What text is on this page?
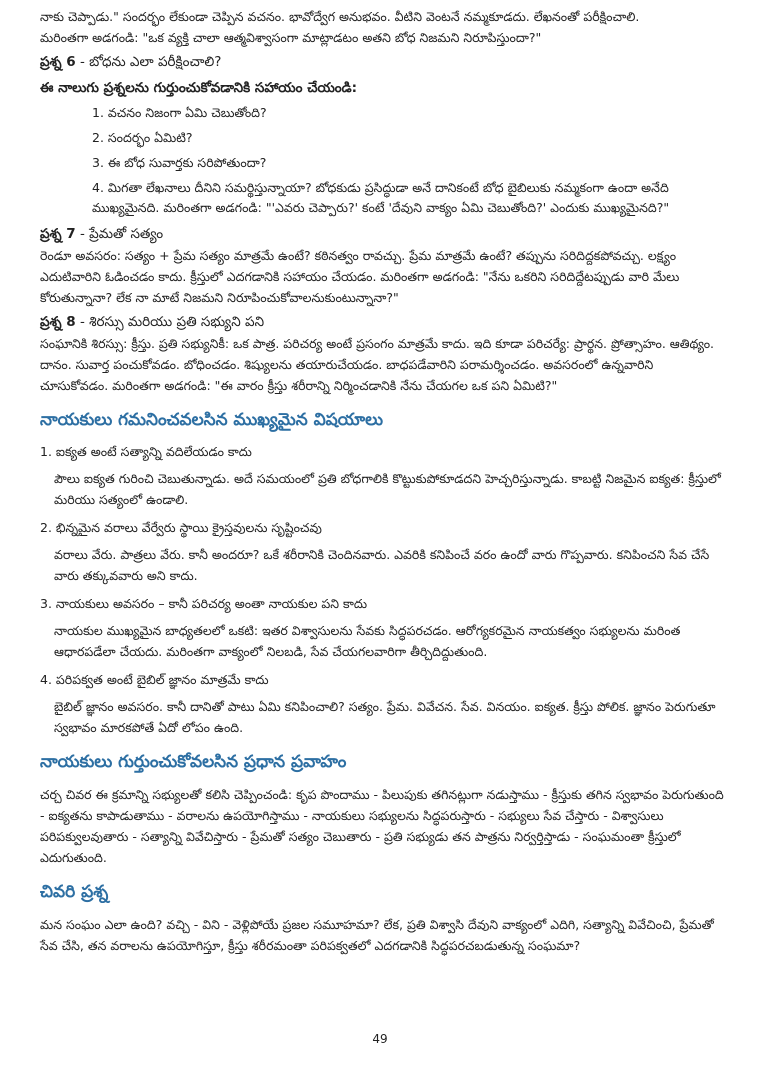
నాకు చెప్పాడు." సందర్భం లేకుండా చెప్పిన వచనం. భావోద్వేగ అనుభవం. వీటిని వెంటనే నమ్మకూడదు. లేఖనంతో పరీక్షించాలి.

మరింతగా అడగండి: "ఒక వ్యక్తి చాలా ఆత్మవిశ్వాసంగా మాట్లాడటం అతని బోధ నిజమని నిరూపిస్తుందా?"

ప్రశ్న 6 - బోధను ఎలా పరీక్షించాలి?

ఈ నాలుగు ప్రశ్నలను గుర్తుంచుకోవడానికి సహాయం చేయండి:

1. వచనం నిజంగా ఏమి చెబుతోంది?
2. సందర్భం ఏమిటి?
3. ఈ బోధ సువార్తకు సరిపోతుందా?
4. మిగతా లేఖనాలు దీనిని సమర్థిస్తున్నాయా? బోధకుడు ప్రసిద్ధుడా అనే దానికంటే బోధ బైబిలుకు నమ్మకంగా ఉందా అనేది ముఖ్యమైనది. మరింతగా అడగండి: "'ఎవరు చెప్పారు?' కంటే 'దేవుని వాక్యం ఏమి చెబుతోంది?' ఎందుకు ముఖ్యమైనది?"

ప్రశ్న 7 - ప్రేమతో సత్యం

రెండూ అవసరం: సత్యం + ప్రేమ సత్యం మాత్రమే ఉంటే? కఠినత్వం రావచ్చు. ప్రేమ మాత్రమే ఉంటే? తప్పును సరిదిద్దకపోవచ్చు. లక్ష్యం ఎదుటివారిని ఓడించడం కాదు. క్రీస్తులో ఎదగడానికి సహాయం చేయడం. మరింతగా అడగండి: "నేను ఒకరిని సరిదిద్దేటప్పుడు వారి మేలు కోరుతున్నానా? లేక నా మాటే నిజమని నిరూపించుకోవాలనుకుంటున్నానా?"

ప్రశ్న 8 - శిరస్సు మరియు ప్రతి సభ్యుని పని

సంఘానికి శిరస్సు: క్రీస్తు. ప్రతి సభ్యునికీ: ఒక పాత్ర. పరిచర్య అంటే ప్రసంగం మాత్రమే కాదు. ఇది కూడా పరిచర్యే: ప్రార్థన. ప్రోత్సాహం. ఆతిథ్యం. దానం. సువార్త పంచుకోవడం. బోధించడం. శిష్యులను తయారుచేయడం. బాధపడేవారిని పరామర్శించడం. అవసరంలో ఉన్నవారిని చూసుకోవడం. మరింతగా అడగండి: "ఈ వారం క్రీస్తు శరీరాన్ని నిర్మించడానికి నేను చేయగల ఒక పని ఏమిటి?"

నాయకులు గమనించవలసిన ముఖ్యమైన విషయాలు

1. ఐక్యత అంటే సత్యాన్ని వదిలేయడం కాదు

పౌలు ఐక్యత గురించి చెబుతున్నాడు. అదే సమయంలో ప్రతి బోధగాలికి కొట్టుకుపోకూడదని హెచ్చరిస్తున్నాడు. కాబట్టి నిజమైన ఐక్యత: క్రీస్తులో మరియు సత్యంలో ఉండాలి.

2. భిన్నమైన వరాలు వేర్వేరు స్థాయి క్రైస్తవులను సృష్టించవు

వరాలు వేరు. పాత్రలు వేరు. కానీ అందరూ? ఒకే శరీరానికి చెందినవారు. ఎవరికి కనిపించే వరం ఉందో వారు గొప్పవారు. కనిపించని సేవ చేసే వారు తక్కువవారు అని కాదు.

3. నాయకులు అవసరం – కానీ పరిచర్య అంతా నాయకుల పని కాదు

నాయకుల ముఖ్యమైన బాధ్యతలలో ఒకటి: ఇతర విశ్వాసులను సేవకు సిద్ధపరచడం. ఆరోగ్యకరమైన నాయకత్వం సభ్యులను మరింత ఆధారపడేలా చేయదు. మరింతగా వాక్యంలో నిలబడి, సేవ చేయగలవారిగా తీర్చిదిద్దుతుంది.

4. పరిపక్వత అంటే బైబిల్ జ్ఞానం మాత్రమే కాదు

బైబిల్ జ్ఞానం అవసరం. కానీ దానితో పాటు ఏమి కనిపించాలి? సత్యం. ప్రేమ. వివేచన. సేవ. వినయం. ఐక్యత. క్రీస్తు పోలిక. జ్ఞానం పెరుగుతూ స్వభావం మారకపోతే ఏదో లోపం ఉంది.

నాయకులు గుర్తుంచుకోవలసిన ప్రధాన ప్రవాహం

చర్చ చివర ఈ క్రమాన్ని సభ్యులతో కలిసి చెప్పించండి: కృప పొందాము - పిలుపుకు తగినట్లుగా నడుస్తాము - క్రీస్తుకు తగిన స్వభావం పెరుగుతుంది - ఐక్యతను కాపాడుతాము - వరాలను ఉపయోగిస్తాము - నాయకులు సభ్యులను సిద్ధపరుస్తారు - సభ్యులు సేవ చేస్తారు - విశ్వాసులు పరిపక్వులవుతారు - సత్యాన్ని వివేచిస్తారు - ప్రేమతో సత్యం చెబుతారు - ప్రతి సభ్యుడు తన పాత్రను నిర్వర్తిస్తాడు - సంఘమంతా క్రీస్తులో ఎదుగుతుంది.

చివరి ప్రశ్న

మన సంఘం ఎలా ఉంది? వచ్చి - విని - వెళ్లిపోయే ప్రజల సమూహమా? లేక, ప్రతి విశ్వాసి దేవుని వాక్యంలో ఎదిగి, సత్యాన్ని వివేచించి, ప్రేమతో సేవ చేసి, తన వరాలను ఉపయోగిస్తూ, క్రీస్తు శరీరమంతా పరిపక్వతలో ఎదగడానికి సిద్ధపరచబడుతున్న సంఘమా?

49
